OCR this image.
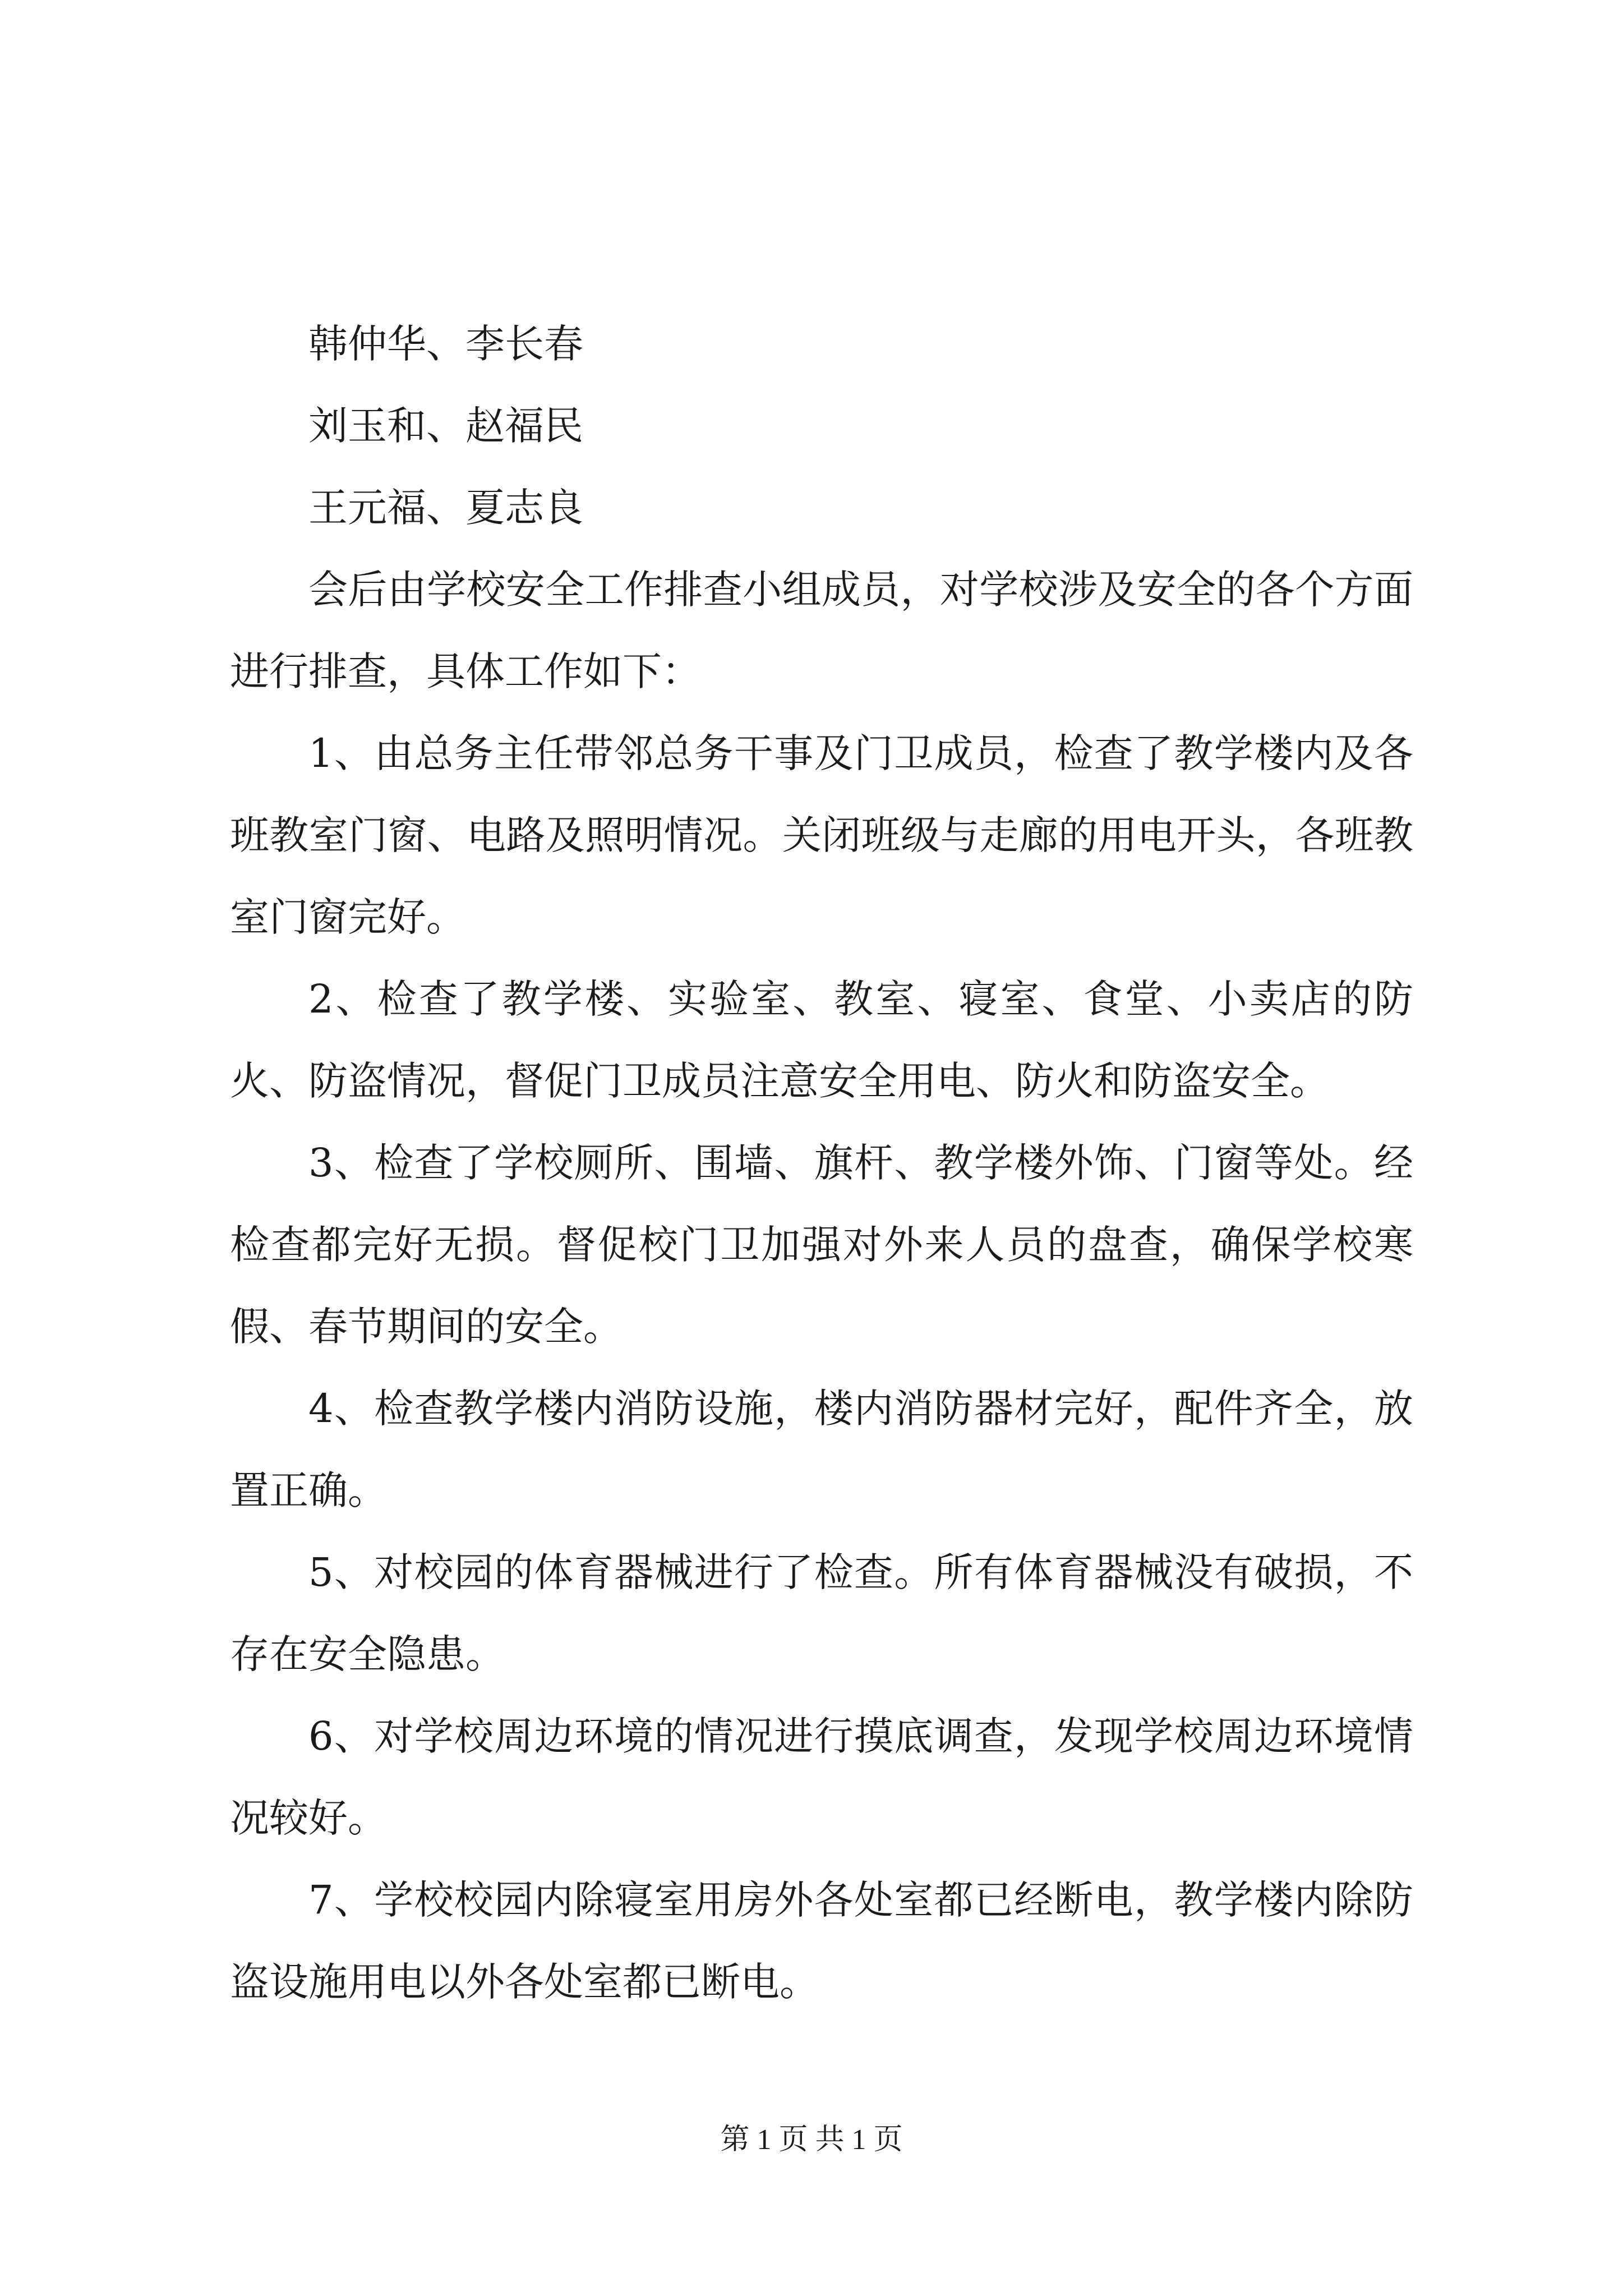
韩仲华、李长春
刘玉和、赵福民
王元福、夏志良

会后由学校安全工作排查小组成员，对学校涉及安全的各个方面进行排查，具体工作如下：

1、由总务主任带邻总务干事及门卫成员，检查了教学楼内及各班教室门窗、电路及照明情况。关闭班级与走廊的用电开头，各班教室门窗完好。

2、检查了教学楼、实验室、教室、寝室、食堂、小卖店的防火、防盗情况，督促门卫成员注意安全用电、防火和防盗安全。

3、检查了学校厕所、围墙、旗杆、教学楼外饰、门窗等处。经检查都完好无损。督促校门卫加强对外来人员的盘查，确保学校寒假、春节期间的安全。

4、检查教学楼内消防设施，楼内消防器材完好，配件齐全，放置正确。

5、对校园的体育器械进行了检查。所有体育器械没有破损，不存在安全隐患。

6、对学校周边环境的情况进行摸底调查，发现学校周边环境情况较好。

7、学校校园内除寝室用房外各处室都已经断电，教学楼内除防盗设施用电以外各处室都已断电。

第 1 页 共 1 页
